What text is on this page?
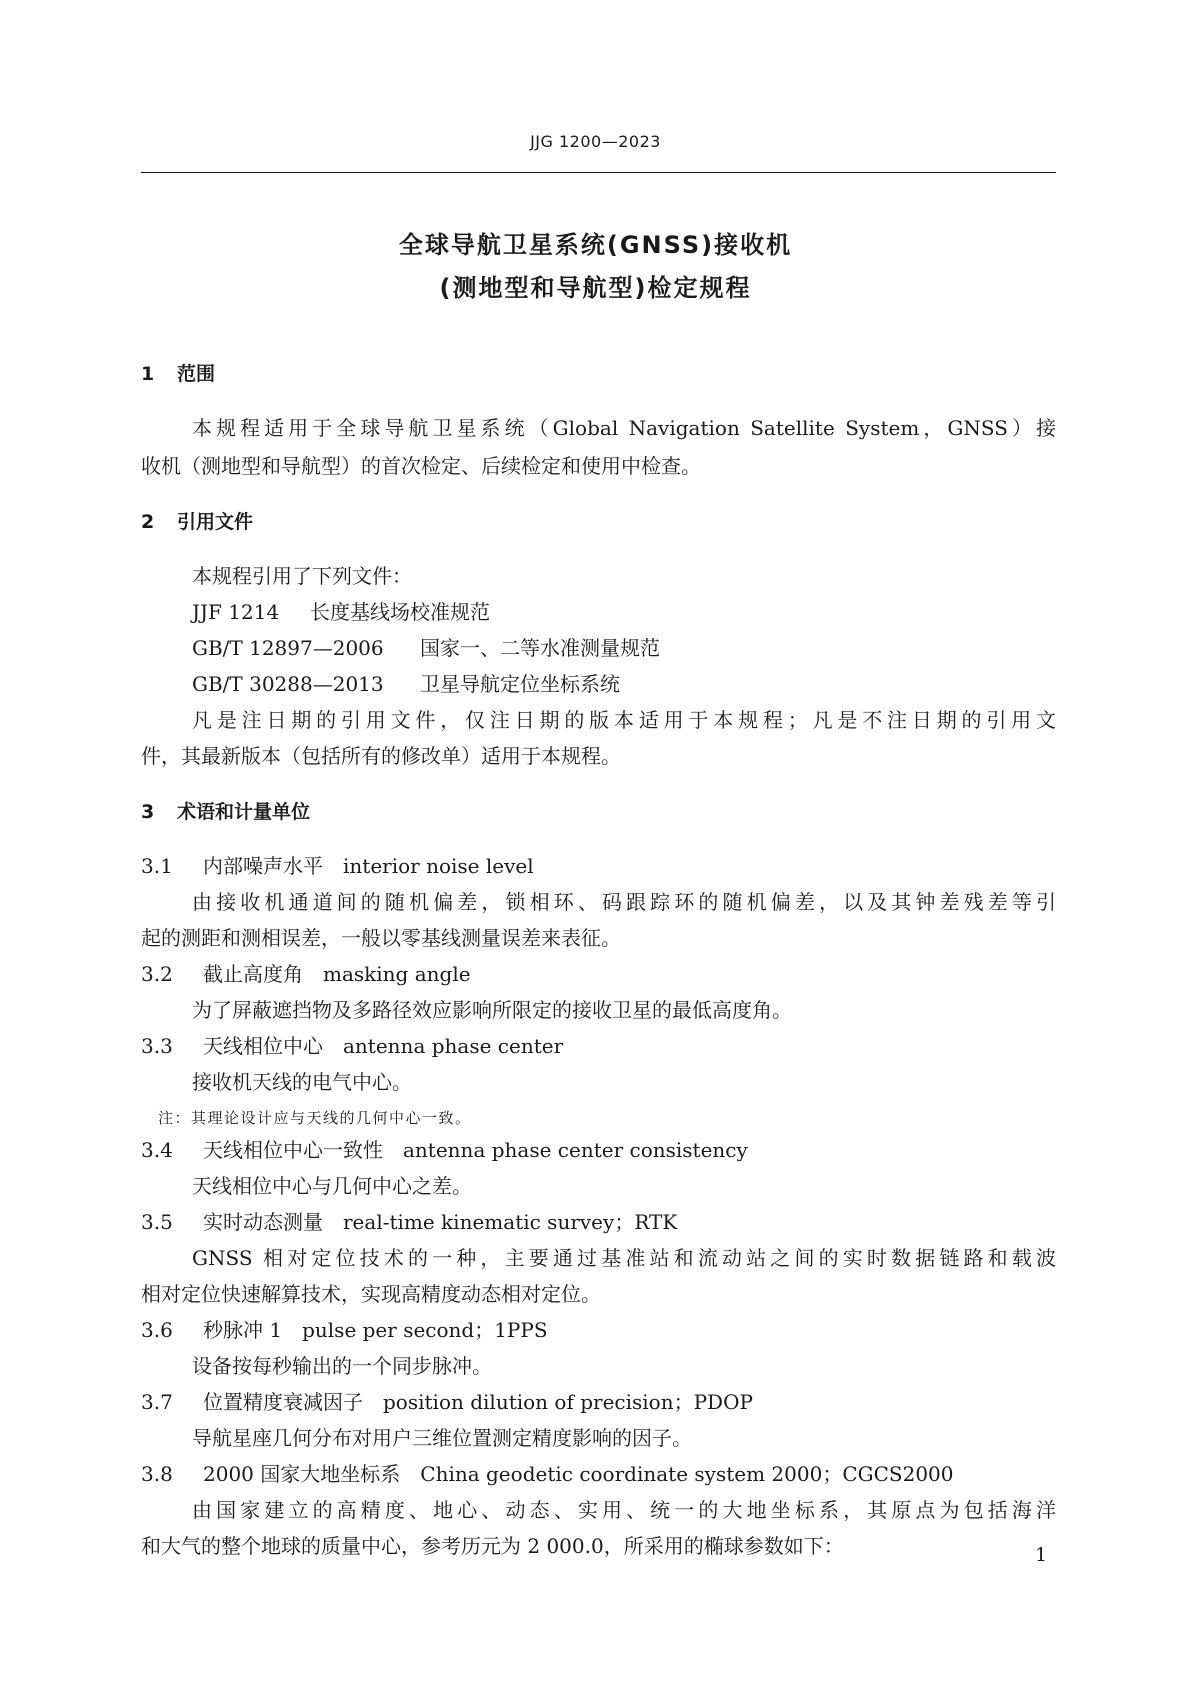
JJG 1200—2023
全球导航卫星系统(GNSS)接收机
(测地型和导航型)检定规程
1 范围
本规程适用于全球导航卫星系统（Global Navigation Satellite System，GNSS）接
收机（测地型和导航型）的首次检定、后续检定和使用中检查。
2 引用文件
本规程引用了下列文件：
JJF 1214 长度基线场校准规范
GB/T 12897—2006 国家一、二等水准测量规范
GB/T 30288—2013 卫星导航定位坐标系统
凡是注日期的引用文件，仅注日期的版本适用于本规程；凡是不注日期的引用文
件，其最新版本（包括所有的修改单）适用于本规程。
3 术语和计量单位
3.1 内部噪声水平 interior noise level
由接收机通道间的随机偏差，锁相环、码跟踪环的随机偏差，以及其钟差残差等引
起的测距和测相误差，一般以零基线测量误差来表征。
3.2 截止高度角 masking angle
为了屏蔽遮挡物及多路径效应影响所限定的接收卫星的最低高度角。
3.3 天线相位中心 antenna phase center
接收机天线的电气中心。
注：其理论设计应与天线的几何中心一致。
3.4 天线相位中心一致性 antenna phase center consistency
天线相位中心与几何中心之差。
3.5 实时动态测量 real-time kinematic survey；RTK
GNSS 相对定位技术的一种，主要通过基准站和流动站之间的实时数据链路和载波
相对定位快速解算技术，实现高精度动态相对定位。
3.6 秒脉冲 1 pulse per second；1PPS
设备按每秒输出的一个同步脉冲。
3.7 位置精度衰减因子 position dilution of precision；PDOP
导航星座几何分布对用户三维位置测定精度影响的因子。
3.8 2000 国家大地坐标系 China geodetic coordinate system 2000；CGCS2000
由国家建立的高精度、地心、动态、实用、统一的大地坐标系，其原点为包括海洋
和大气的整个地球的质量中心，参考历元为 2 000.0，所采用的椭球参数如下：	1
